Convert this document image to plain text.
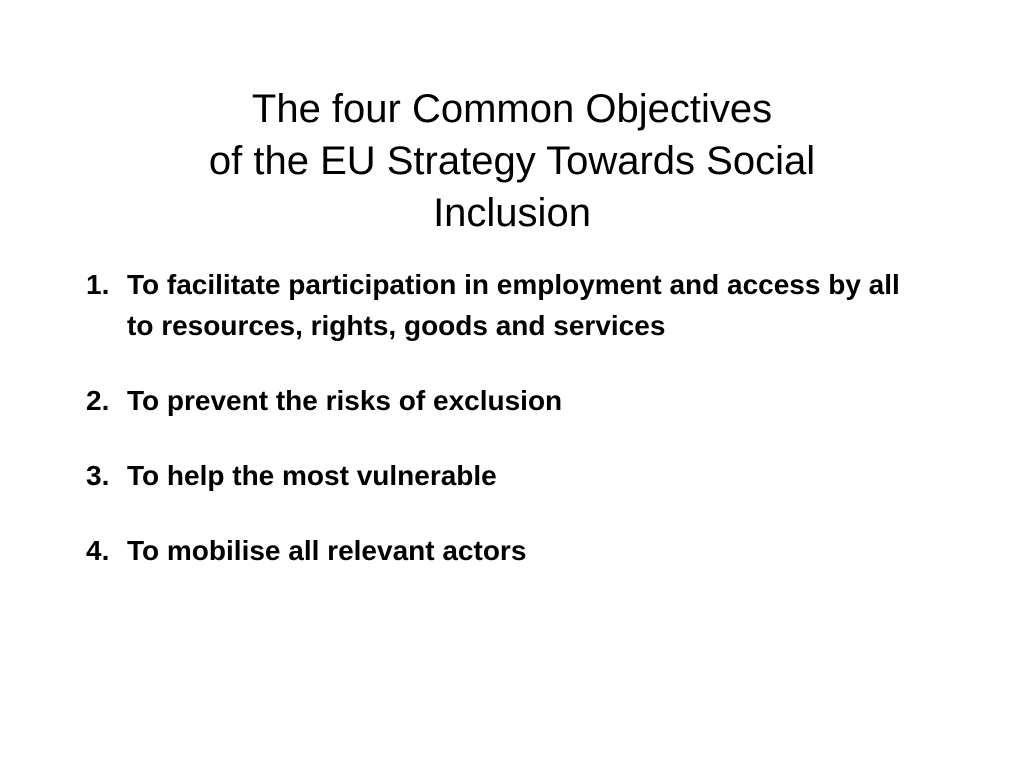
The four Common Objectives
of the EU Strategy Towards Social
Inclusion
1. To facilitate participation in employment and access by all to resources, rights, goods and services
2. To prevent the risks of exclusion
3. To help the most vulnerable
4. To mobilise all relevant actors
